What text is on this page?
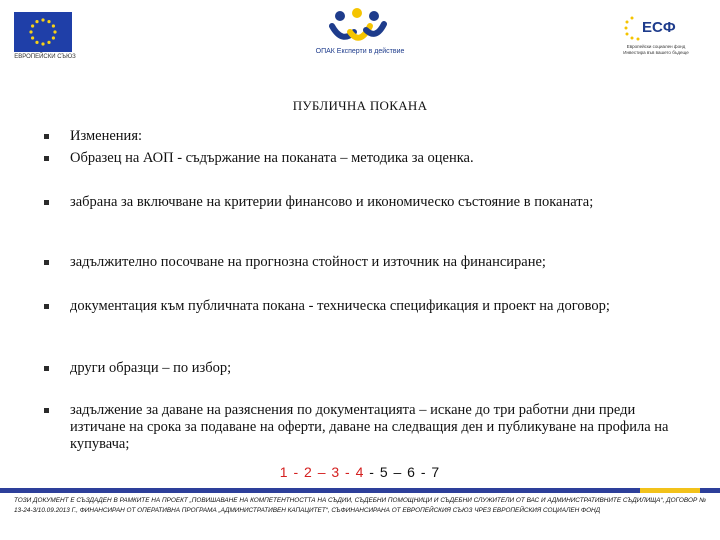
ЕВРОПЕЙСКИ СЪЮЗ
ОПАК Експерти в действие
ЕСФ
Европейски социален фонд Инвестира във вашето бъдеще
ПУБЛИЧНА ПОКАНА
Изменения:
Образец на АОП - съдържание на поканата – методика за оценка.
забрана за включване на критерии финансово и икономическо състояние в поканата;
задължително посочване на прогнозна стойност и източник на финансиране;
документация към публичната покана - техническа спецификация и проект на договор;
други образци – по избор;
задължение за даване на разяснения по документацията – искане до три работни дни преди изтичане на срока за подаване на оферти, даване на следващия ден и публикуване на профила на купувача;
1 - 2 – 3 - 4 - 5 – 6 - 7
ТОЗИ ДОКУМЕНТ Е СЪЗДАДЕН В РАМКИТЕ НА ПРОЕКТ „ПОВИШАВАНЕ НА КОМПЕТЕНТНОСТТА НА СЪДИИ, СЪДЕБНИ ПОМОЩНИЦИ И СЪДЕБНИ СЛУЖИТЕЛИ ОТ ВАС И АДМИНИСТРАТИВНИТЕ СЪДИЛИЩА“, ДОГОВОР № 13-24-3/10.09.2013 Г., ФИНАНСИРАН ОТ ОПЕРАТИВНА ПРОГРАМА „АДМИНИСТРАТИВЕН КАПАЦИТЕТ“, СЪФИНАНСИРАНА ОТ ЕВРОПЕЙСКИЯ СЪЮЗ ЧРЕЗ ЕВРОПЕЙСКИЯ СОЦИАЛЕН ФОНД
